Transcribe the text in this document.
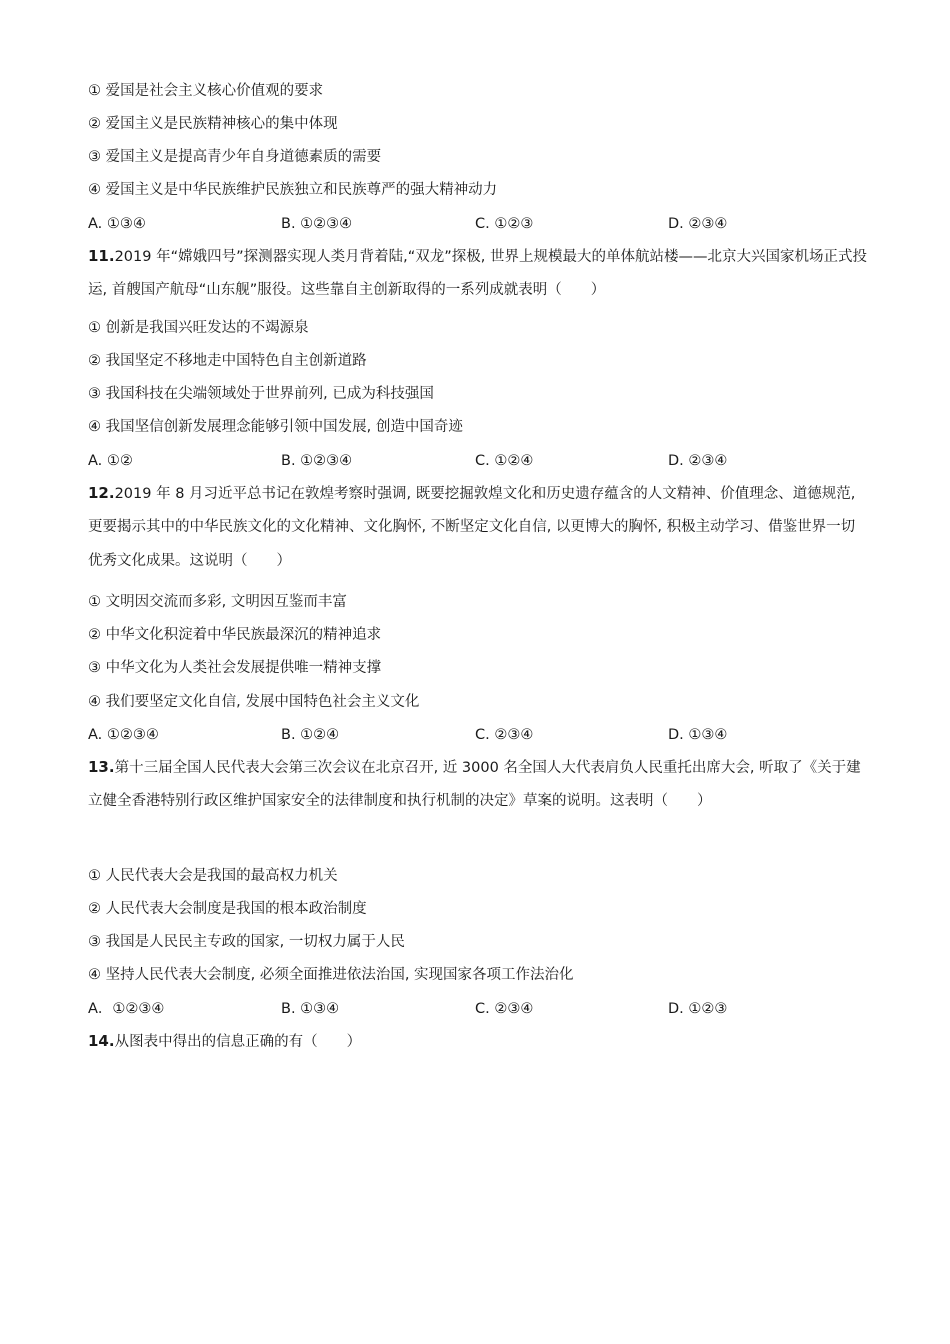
① 爱国是社会主义核心价值观的要求
② 爱国主义是民族精神核心的集中体现
③ 爱国主义是提高青少年自身道德素质的需要
④ 爱国主义是中华民族维护民族独立和民族尊严的强大精神动力
A. ①③④	B. ①②③④	C. ①②③	D. ②③④
11.2019 年“嫦娥四号”探测器实现人类月背着陆,“双龙”探极, 世界上规模最大的单体航站楼——北京大兴国家机场正式投运, 首艘国产航母“山东舰”服役。这些靠自主创新取得的一系列成就表明（　　）
① 创新是我国兴旺发达的不竭源泉
② 我国坚定不移地走中国特色自主创新道路
③ 我国科技在尖端领域处于世界前列, 已成为科技强国
④ 我国坚信创新发展理念能够引领中国发展, 创造中国奇迹
A. ①②	B. ①②③④	C. ①②④	D. ②③④
12.2019 年 8 月习近平总书记在敦煌考察时强调, 既要挖掘敦煌文化和历史遗存蕴含的人文精神、价值理念、道德规范, 更要揭示其中的中华民族文化的文化精神、文化胸怀, 不断坚定文化自信, 以更博大的胸怀, 积极主动学习、借鉴世界一切优秀文化成果。这说明（　　）
① 文明因交流而多彩, 文明因互鉴而丰富
② 中华文化积淀着中华民族最深沉的精神追求
③ 中华文化为人类社会发展提供唯一精神支撑
④ 我们要坚定文化自信, 发展中国特色社会主义文化
A. ①②③④	B. ①②④	C. ②③④	D. ①③④
13.第十三届全国人民代表大会第三次会议在北京召开, 近 3000 名全国人大代表肩负人民重托出席大会, 听取了《关于建立健全香港特别行政区维护国家安全的法律制度和执行机制的决定》草案的说明。这表明（　　）
① 人民代表大会是我国的最高权力机关
② 人民代表大会制度是我国的根本政治制度
③ 我国是人民民主专政的国家, 一切权力属于人民
④ 坚持人民代表大会制度, 必须全面推进依法治国, 实现国家各项工作法治化
A．①②③④	B. ①③④	C. ②③④	D. ①②③
14.从图表中得出的信息正确的有（　　）
